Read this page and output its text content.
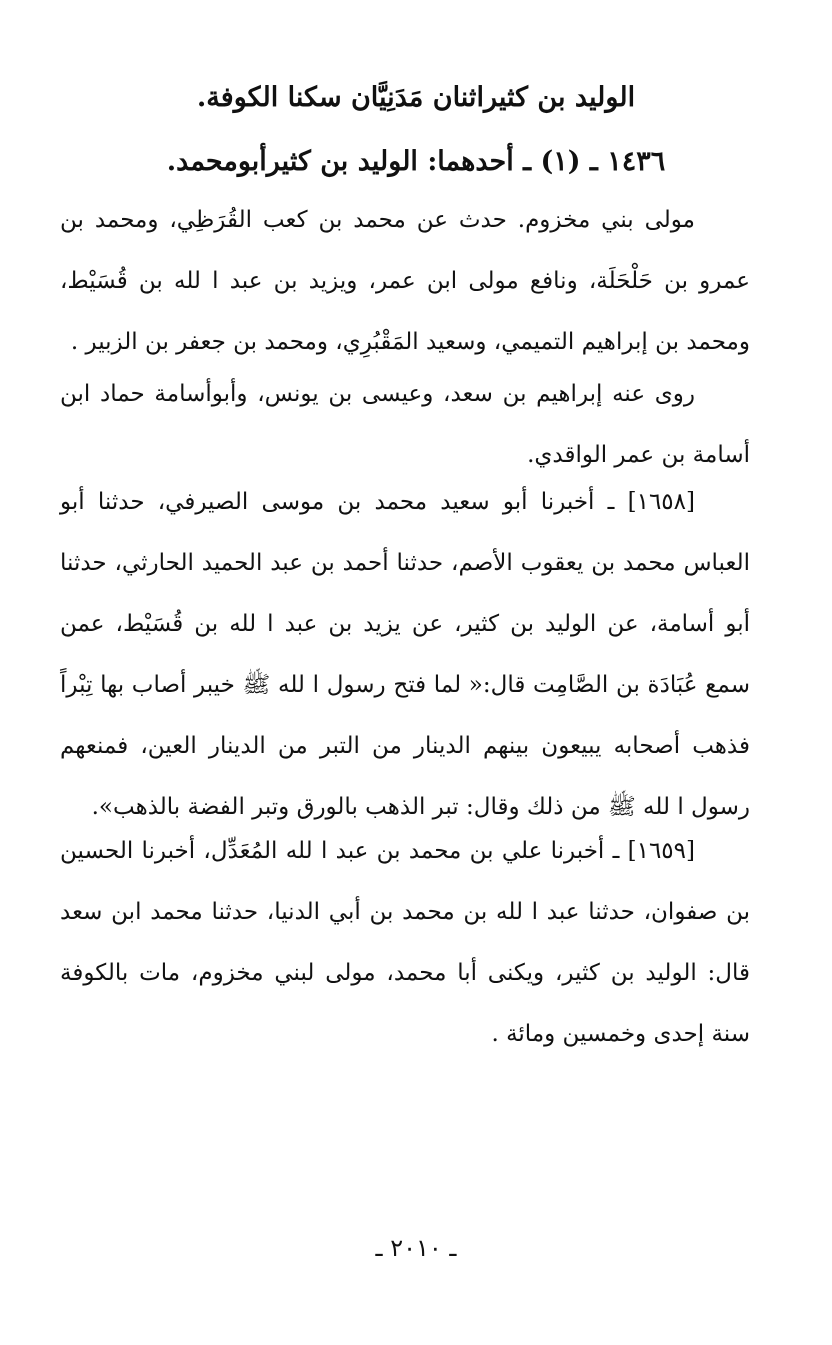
الوليد بن كثيراثنان مَدَنِيَّان سكنا الكوفة.
١٤٣٦ ـ (١) ـ أحدهما: الوليد بن كثيرأبومحمد.
مولى بني مخزوم. حدث عن محمد بن كعب القُرَظِي، ومحمد بن عمرو بن حَلْحَلَة، ونافع مولى ابن عمر، ويزيد بن عبد ا لله بن قُسَيْط، ومحمد بن إبراهيم التميمي، وسعيد المَقْبُرِي، ومحمد بن جعفر بن الزبير .
روى عنه إبراهيم بن سعد، وعيسى بن يونس، وأبوأسامة حماد ابن أسامة بن عمر الواقدي.
[١٦٥٨] ـ أخبرنا أبو سعيد محمد بن موسى الصيرفي، حدثنا أبو العباس محمد بن يعقوب الأصم، حدثنا أحمد بن عبد الحميد الحارثي، حدثنا أبو أسامة، عن الوليد بن كثير، عن يزيد بن عبد ا لله بن قُسَيْط، عمن سمع عُبَادَة بن الصَّامِت قال:« لما فتح رسول ا لله ﷺ خيبر أصاب بها تِبْراً فذهب أصحابه يبيعون بينهم الدينار من التبر من الدينار العين، فمنعهم رسول ا لله ﷺ من ذلك وقال: تبر الذهب بالورق وتبر الفضة بالذهب».
[١٦٥٩] ـ أخبرنا علي بن محمد بن عبد ا لله المُعَدِّل، أخبرنا الحسين بن صفوان، حدثنا عبد ا لله بن محمد بن أبي الدنيا، حدثنا محمد ابن سعد قال: الوليد بن كثير، ويكنى أبا محمد، مولى لبني مخزوم، مات بالكوفة سنة إحدى وخمسين ومائة .
ـ ٢٠١٠ ـ
